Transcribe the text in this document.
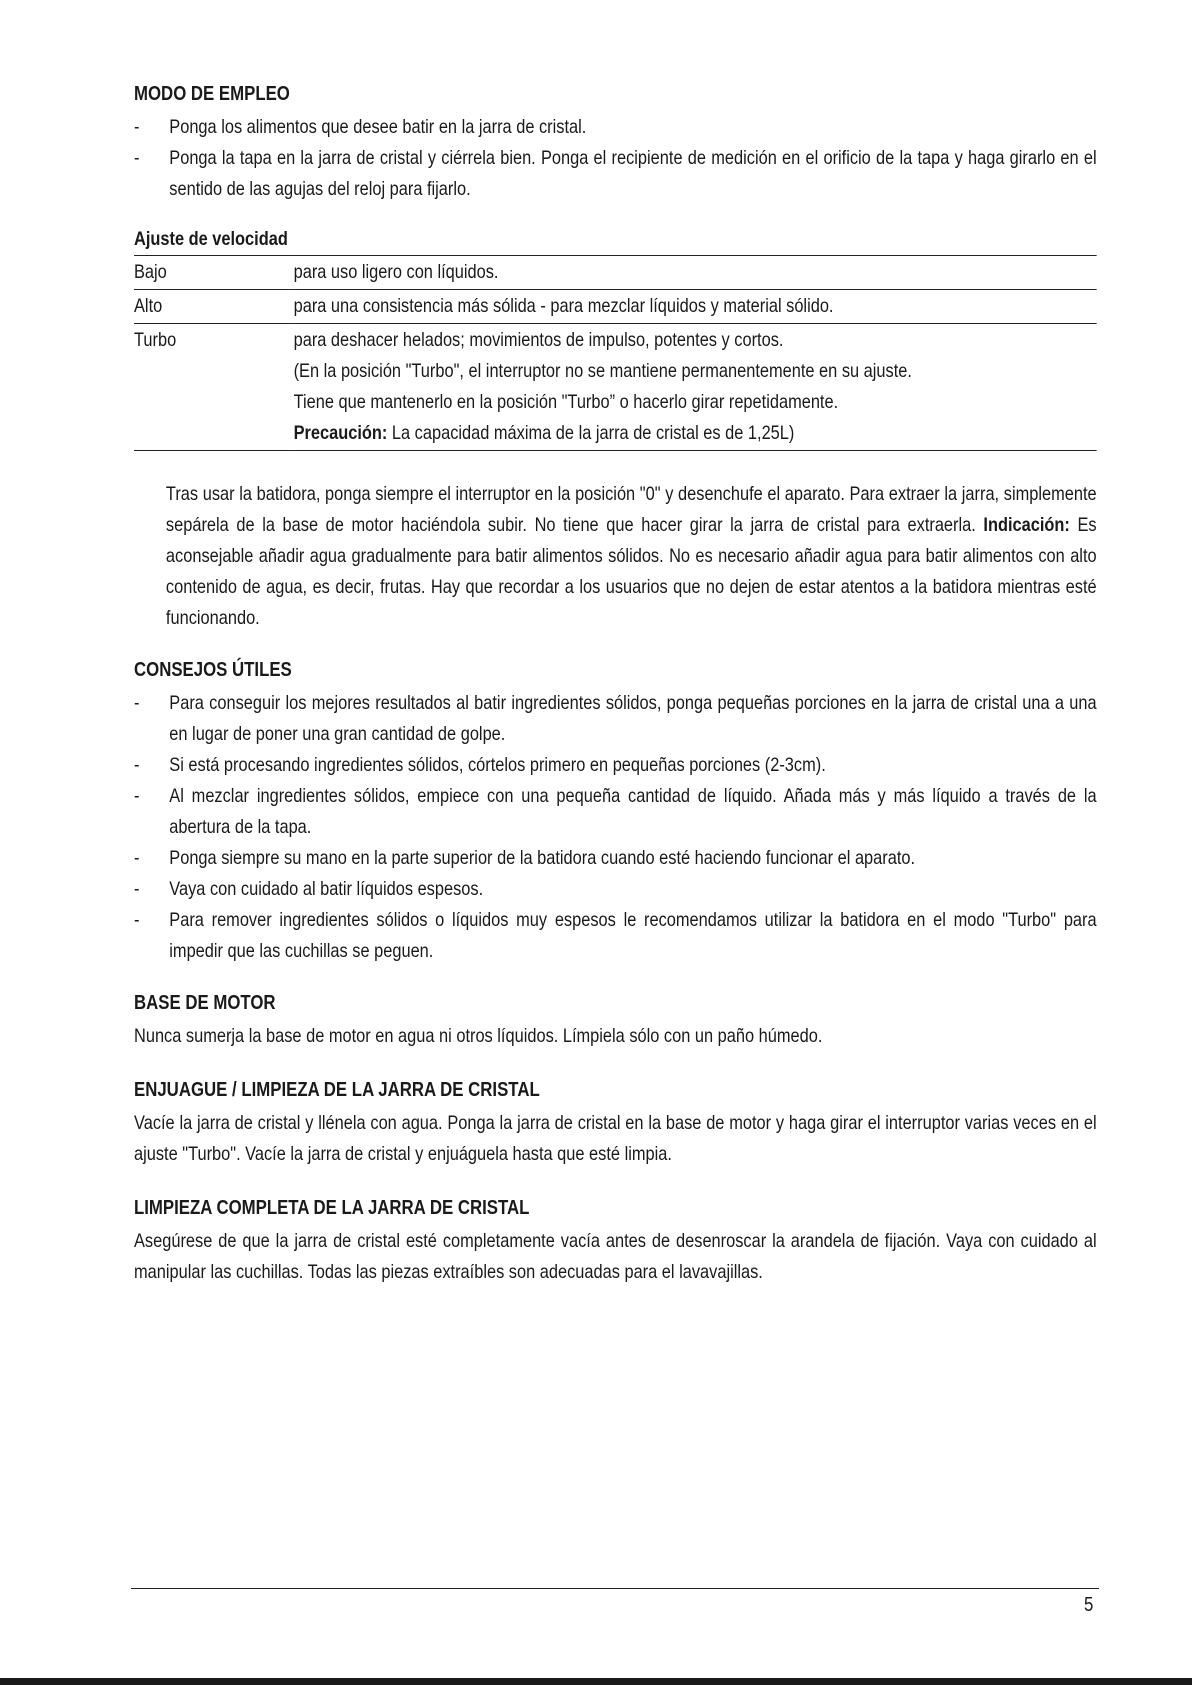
MODO DE EMPLEO
- Ponga los alimentos que desee batir en la jarra de cristal.
- Ponga la tapa en la jarra de cristal y ciérrela bien. Ponga el recipiente de medición en el orificio de la tapa y haga girarlo en el sentido de las agujas del reloj para fijarlo.
Ajuste de velocidad
Bajo	para uso ligero con líquidos.
Alto	para una consistencia más sólida - para mezclar líquidos y material sólido.
Turbo	para deshacer helados; movimientos de impulso, potentes y cortos.
(En la posición "Turbo", el interruptor no se mantiene permanentemente en su ajuste.
Tiene que mantenerlo en la posición "Turbo” o hacerlo girar repetidamente.
Precaución: La capacidad máxima de la jarra de cristal es de 1,25L)
Tras usar la batidora, ponga siempre el interruptor en la posición "0" y desenchufe el aparato. Para extraer la jarra, simplemente sepárela de la base de motor haciéndola subir. No tiene que hacer girar la jarra de cristal para extraerla. Indicación: Es aconsejable añadir agua gradualmente para batir alimentos sólidos. No es necesario añadir agua para batir alimentos con alto contenido de agua, es decir, frutas. Hay que recordar a los usuarios que no dejen de estar atentos a la batidora mientras esté funcionando.
CONSEJOS ÚTILES
- Para conseguir los mejores resultados al batir ingredientes sólidos, ponga pequeñas porciones en la jarra de cristal una a una en lugar de poner una gran cantidad de golpe.
- Si está procesando ingredientes sólidos, córtelos primero en pequeñas porciones (2-3cm).
- Al mezclar ingredientes sólidos, empiece con una pequeña cantidad de líquido. Añada más y más líquido a través de la abertura de la tapa.
- Ponga siempre su mano en la parte superior de la batidora cuando esté haciendo funcionar el aparato.
- Vaya con cuidado al batir líquidos espesos.
- Para remover ingredientes sólidos o líquidos muy espesos le recomendamos utilizar la batidora en el modo "Turbo" para impedir que las cuchillas se peguen.
BASE DE MOTOR

Nunca sumerja la base de motor en agua ni otros líquidos. Límpiela sólo con un paño húmedo.

ENJUAGUE / LIMPIEZA DE LA JARRA DE CRISTAL

Vacíe la jarra de cristal y llénela con agua. Ponga la jarra de cristal en la base de motor y haga girar el interruptor varias veces en el ajuste "Turbo". Vacíe la jarra de cristal y enjuáguela hasta que esté limpia.

LIMPIEZA COMPLETA DE LA JARRA DE CRISTAL

Asegúrese de que la jarra de cristal esté completamente vacía antes de desenroscar la arandela de fijación. Vaya con cuidado al manipular las cuchillas. Todas las piezas extraíbles son adecuadas para el lavavajillas.

5
